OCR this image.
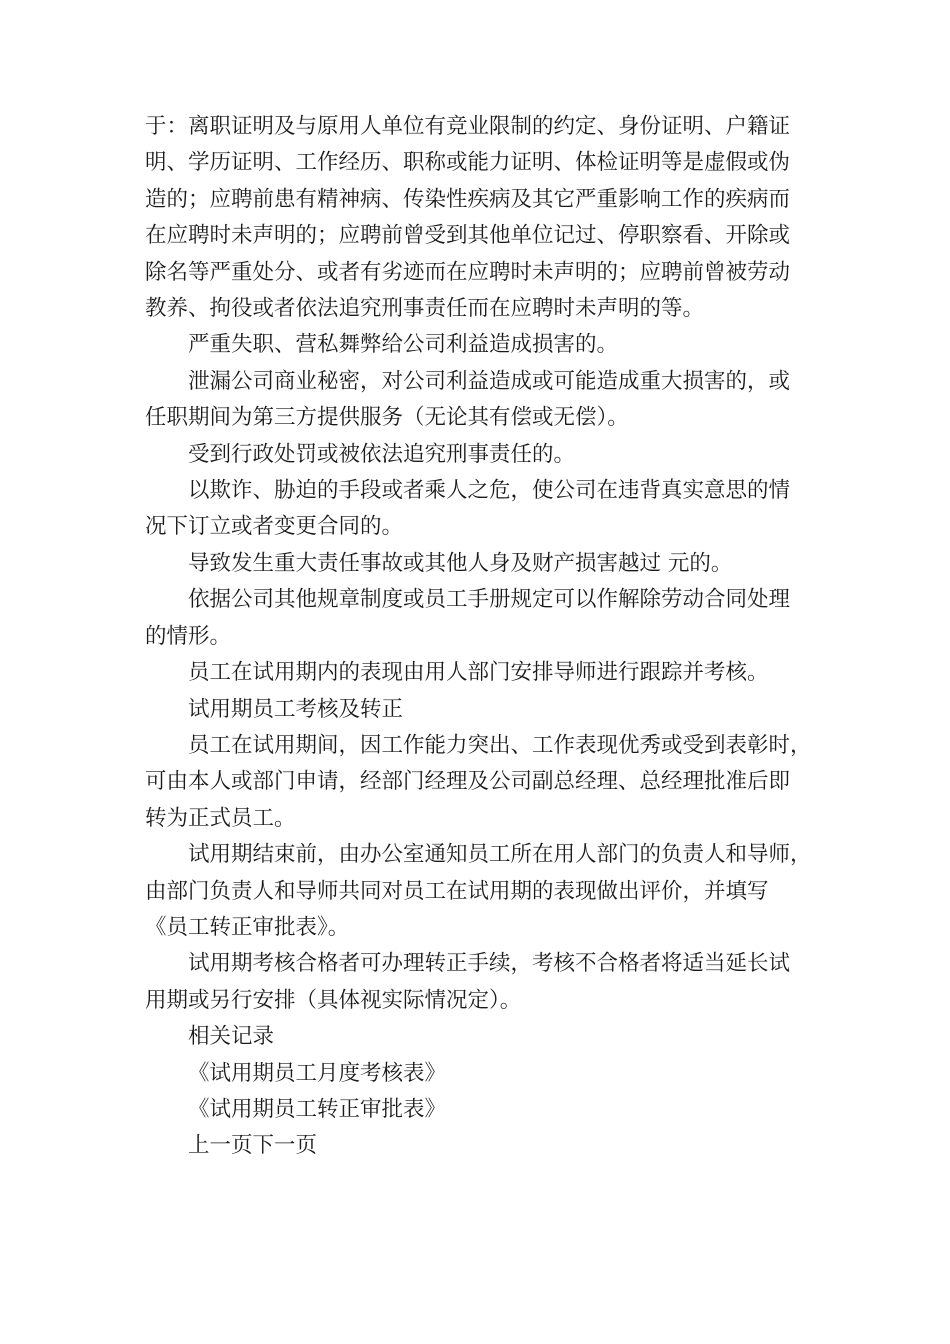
于：离职证明及与原用人单位有竞业限制的约定、身份证明、户籍证
明、学历证明、工作经历、职称或能力证明、体检证明等是虚假或伪
造的；应聘前患有精神病、传染性疾病及其它严重影响工作的疾病而
在应聘时未声明的；应聘前曾受到其他单位记过、停职察看、开除或
除名等严重处分、或者有劣迹而在应聘时未声明的；应聘前曾被劳动
教养、拘役或者依法追究刑事责任而在应聘时未声明的等。

严重失职、营私舞弊给公司利益造成损害的。

泄漏公司商业秘密，对公司利益造成或可能造成重大损害的，或
任职期间为第三方提供服务（无论其有偿或无偿）。

受到行政处罚或被依法追究刑事责任的。

以欺诈、胁迫的手段或者乘人之危，使公司在违背真实意思的情
况下订立或者变更合同的。

导致发生重大责任事故或其他人身及财产损害越过 元的。

依据公司其他规章制度或员工手册规定可以作解除劳动合同处理
的情形。

员工在试用期内的表现由用人部门安排导师进行跟踪并考核。

试用期员工考核及转正

员工在试用期间，因工作能力突出、工作表现优秀或受到表彰时，
可由本人或部门申请，经部门经理及公司副总经理、总经理批准后即
转为正式员工。

试用期结束前，由办公室通知员工所在用人部门的负责人和导师，
由部门负责人和导师共同对员工在试用期的表现做出评价，并填写
《员工转正审批表》。

试用期考核合格者可办理转正手续，考核不合格者将适当延长试
用期或另行安排（具体视实际情况定）。

相关记录

《试用期员工月度考核表》

《试用期员工转正审批表》

上一页下一页
